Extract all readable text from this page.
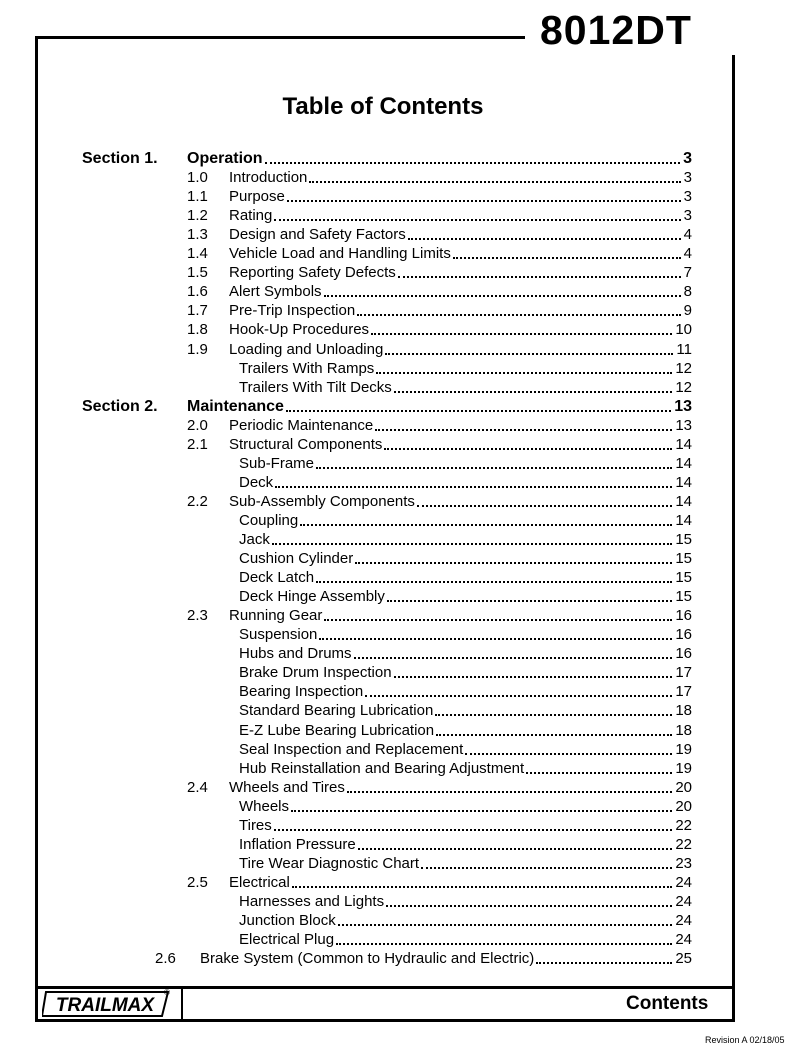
8012DT
Table of Contents
Section 1.	Operation	3
1.0 Introduction	3
1.1 Purpose	3
1.2 Rating	3
1.3 Design and Safety Factors	4
1.4 Vehicle Load and Handling Limits	4
1.5 Reporting Safety Defects	7
1.6 Alert Symbols	8
1.7 Pre-Trip Inspection	9
1.8 Hook-Up Procedures	10
1.9 Loading and Unloading	11
Trailers With Ramps	12
Trailers With Tilt Decks	12
Section 2.	Maintenance	13
2.0 Periodic Maintenance	13
2.1 Structural Components	14
Sub-Frame	14
Deck	14
2.2 Sub-Assembly Components	14
Coupling	14
Jack	15
Cushion Cylinder	15
Deck Latch	15
Deck Hinge Assembly	15
2.3 Running Gear	16
Suspension	16
Hubs and Drums	16
Brake Drum Inspection	17
Bearing Inspection	17
Standard Bearing Lubrication	18
E-Z Lube Bearing Lubrication	18
Seal Inspection and Replacement	19
Hub Reinstallation and Bearing Adjustment	19
2.4 Wheels and Tires	20
Wheels	20
Tires	22
Inflation Pressure	22
Tire Wear Diagnostic Chart	23
2.5 Electrical	24
Harnesses and Lights	24
Junction Block	24
Electrical Plug	24
2.6 Brake System (Common to Hydraulic and Electric)	25
TRAILMAX
®
Contents
Revision A 02/18/05
